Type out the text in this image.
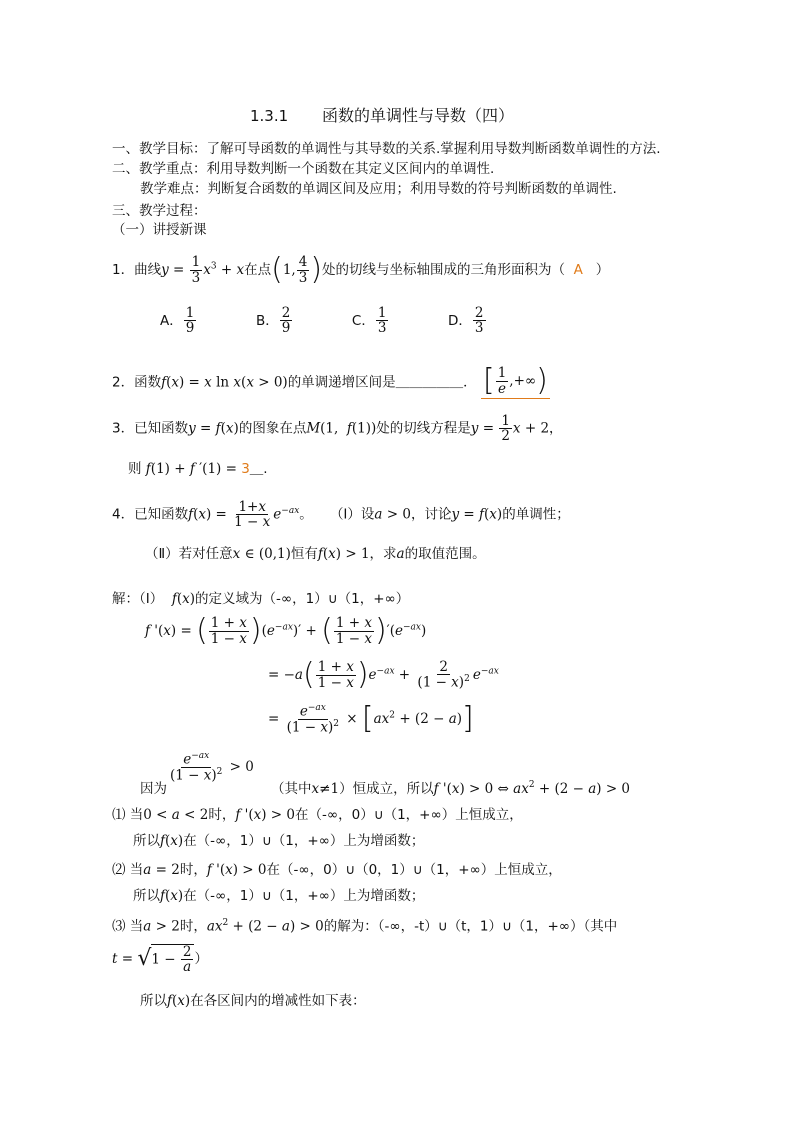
1.3.1 函数的单调性与导数（四）
一、教学目标：了解可导函数的单调性与其导数的关系.掌握利用导数判断函数单调性的方法.
二、教学重点：利用导数判断一个函数在其定义区间内的单调性.
教学难点：判断复合函数的单调区间及应用；利用导数的符号判断函数的单调性.
三、教学过程：
（一）讲授新课
1．曲线$y = \frac{1}{3} x^3 + x$在点(1, $\frac{4}{3}$ )处的切线与坐标轴围成的三角形面积为（ A ）
A． $\frac{1}{9}$	B． $\frac{2}{9}$	C． $\frac{1}{3}$	D． $\frac{2}{3}$
2．函数f(x) = x ln x(x > 0)的单调递增区间是＿＿＿＿＿． [ $\frac{1}{e}$ ,+∞)
3．已知函数y = f(x)的图象在点M(1,  f(1))处的切线方程是$y = \frac{1}{2}$ x + 2，
则 f(1) + f ′(1) = 3＿.
4．已知函数$f(x) = \frac{1+x}{1 - x} e^{-ax}$。 （Ⅰ）设a > 0，讨论y = f(x)的单调性；
（Ⅱ）若对任意x ∈ (0,1)恒有f(x) > 1，求a的取值范围。
解：（Ⅰ） f(x)的定义域为（-∞，1）∪（1，+∞）
f '(x) = ( $\frac{1 + x}{1 - x} )(e^{-ax})'$ + ( $\frac{1 + x}{1 - x} )'(e^{-ax})$
= $-a( \frac{1 + x}{1 - x} )e^{-ax} + \frac{2}{(1 - x)^2} e^{-ax}$
= $\frac{e^{-ax}}{(1 - x)^2} \times [ax^2 + (2 - a)]$
因为
$\frac{e^{-ax}}{(1 - x)^2} > 0$    （其中x≠1）恒成立，所以f '(x) > 0 ⇔ $ax_2 + (2 - a) > 0$
⑴ 当0 < a < 2时，f '(x) > 0在（-∞，0）∪（1，+∞）上恒成立，
所以f(x)在（-∞，1）∪（1，+∞）上为增函数；
⑵ 当a = 2时，f '(x) > 0在（-∞，0）∪（0，1）∪（1，+∞）上恒成立，
所以f(x)在（-∞，1）∪（1，+∞）上为增函数；
⑶ 当a > 2时，$ax^2 + (2 - a) > 0$的解为：（-∞，-t）∪（t，1）∪（1，+∞）（其中
$t = √1 - \frac{2}{a}$ ）
所以f(x)在各区间内的增减性如下表：
